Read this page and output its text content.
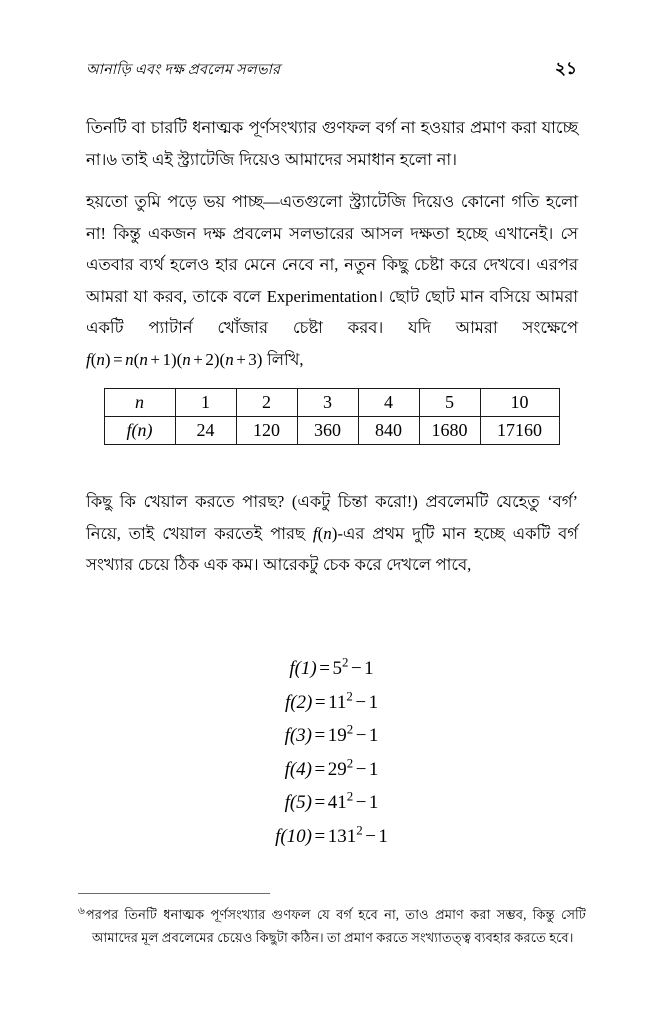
আনাড়ি এবং দক্ষ প্রবলেম সলভার	২১

তিনটি বা চারটি ধনাত্মক পূর্ণসংখ্যার গুণফল বর্গ না হওয়ার প্রমাণ করা যাচ্ছে না।৬ তাই এই স্ট্র্যাটেজি দিয়েও আমাদের সমাধান হলো না।

হয়তো তুমি পড়ে ভয় পাচ্ছ—এতগুলো স্ট্র্যাটেজি দিয়েও কোনো গতি হলো না! কিন্তু একজন দক্ষ প্রবলেম সলভারের আসল দক্ষতা হচ্ছে এখানেই। সে এতবার ব্যর্থ হলেও হার মেনে নেবে না, নতুন কিছু চেষ্টা করে দেখবে। এরপর আমরা যা করব, তাকে বলে Experimentation। ছোট ছোট মান বসিয়ে আমরা একটি প্যাটার্ন খোঁজার চেষ্টা করব। যদি আমরা সংক্ষেপে f(n) = n(n + 1)(n + 2)(n + 3) লিখি,

n	1	2	3	4	5	10
f(n)	24	120	360	840	1680	17160

কিছু কি খেয়াল করতে পারছ? (একটু চিন্তা করো!) প্রবলেমটি যেহেতু ‘বর্গ’ নিয়ে, তাই খেয়াল করতেই পারছ f(n)-এর প্রথম দুটি মান হচ্ছে একটি বর্গ সংখ্যার চেয়ে ঠিক এক কম। আরেকটু চেক করে দেখলে পাবে,

$f(1) = 5^2 - 1$
$f(2) = 11^2 - 1$
$f(3) = 19^2 - 1$
$f(4) = 29^2 - 1$
$f(5) = 41^2 - 1$
$f(10) = 131^2 - 1$
$^৬$পরপর তিনটি ধনাত্মক পূর্ণসংখ্যার গুণফল যে বর্গ হবে না, তাও প্রমাণ করা সম্ভব, কিন্তু সেটি আমাদের মূল প্রবলেমের চেয়েও কিছুটা কঠিন। তা প্রমাণ করতে সংখ্যাতত্ত্ব ব্যবহার করতে হবে।
